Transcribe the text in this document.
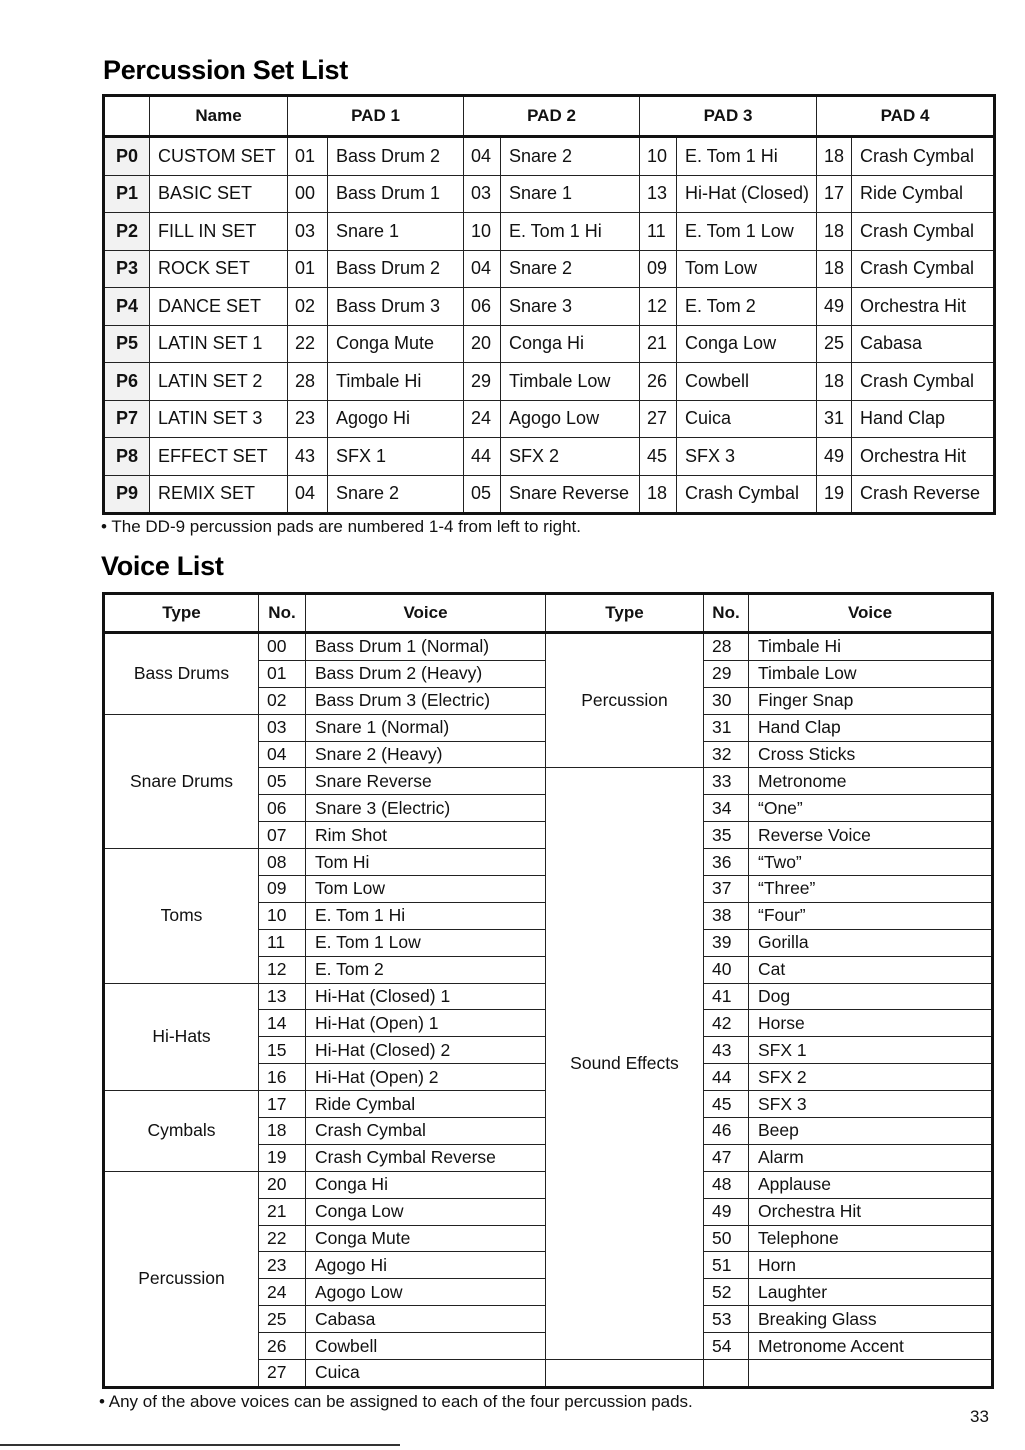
Percussion Set List
	Name	PAD 1		PAD 2		PAD 3		PAD 4	
P0	CUSTOM SET	01	Bass Drum 2	04	Snare 2	10	E. Tom 1 Hi	18	Crash Cymbal
P1	BASIC SET	00	Bass Drum 1	03	Snare 1	13	Hi-Hat (Closed)	17	Ride Cymbal
P2	FILL IN SET	03	Snare 1	10	E. Tom 1 Hi	11	E. Tom 1 Low	18	Crash Cymbal
P3	ROCK SET	01	Bass Drum 2	04	Snare 2	09	Tom Low	18	Crash Cymbal
P4	DANCE SET	02	Bass Drum 3	06	Snare 3	12	E. Tom 2	49	Orchestra Hit
P5	LATIN SET 1	22	Conga Mute	20	Conga Hi	21	Conga Low	25	Cabasa
P6	LATIN SET 2	28	Timbale Hi	29	Timbale Low	26	Cowbell	18	Crash Cymbal
P7	LATIN SET 3	23	Agogo Hi	24	Agogo Low	27	Cuica	31	Hand Clap
P8	EFFECT SET	43	SFX 1	44	SFX 2	45	SFX 3	49	Orchestra Hit
P9	REMIX SET	04	Snare 2	05	Snare Reverse	18	Crash Cymbal	19	Crash Reverse

• The DD-9 percussion pads are numbered 1-4 from left to right.

Voice List
Type	No.	Voice	Type	No.	Voice
Bass Drums	00	Bass Drum 1 (Normal)	Percussion	28	Timbale Hi
	01	Bass Drum 2 (Heavy)		29	Timbale Low
	02	Bass Drum 3 (Electric)		30	Finger Snap
Snare Drums	03	Snare 1 (Normal)		31	Hand Clap
	04	Snare 2 (Heavy)		32	Cross Sticks
	05	Snare Reverse	Sound Effects	33	Metronome
	06	Snare 3 (Electric)		34	“One”
	07	Rim Shot		35	Reverse Voice
Toms	08	Tom Hi		36	“Two”
	09	Tom Low		37	“Three”
	10	E. Tom 1 Hi		38	“Four”
	11	E. Tom 1 Low		39	Gorilla
	12	E. Tom 2		40	Cat
Hi-Hats	13	Hi-Hat (Closed) 1		41	Dog
	14	Hi-Hat (Open) 1		42	Horse
	15	Hi-Hat (Closed) 2		43	SFX 1
	16	Hi-Hat (Open) 2		44	SFX 2
Cymbals	17	Ride Cymbal		45	SFX 3
	18	Crash Cymbal		46	Beep
	19	Crash Cymbal Reverse		47	Alarm
Percussion	20	Conga Hi		48	Applause
	21	Conga Low		49	Orchestra Hit
	22	Conga Mute		50	Telephone
	23	Agogo Hi		51	Horn
	24	Agogo Low		52	Laughter
	25	Cabasa		53	Breaking Glass
	26	Cowbell		54	Metronome Accent
	27	Cuica			

• Any of the above voices can be assigned to each of the four percussion pads.

33
